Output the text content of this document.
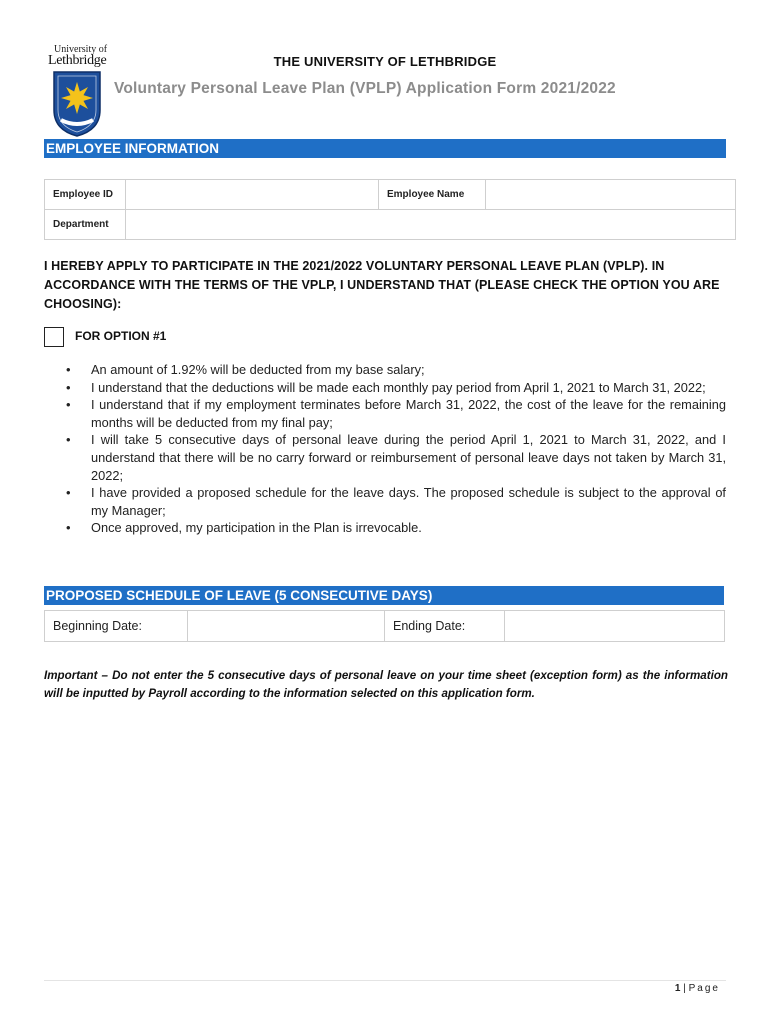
University of
Lethbridge	THE UNIVERSITY OF LETHBRIDGE
Voluntary Personal Leave Plan (VPLP) Application Form 2021/2022
EMPLOYEE INFORMATION
Employee ID		Employee Name	
Department			
I HEREBY APPLY TO PARTICIPATE IN THE 2021/2022 VOLUNTARY PERSONAL LEAVE PLAN (VPLP). IN ACCORDANCE WITH THE TERMS OF THE VPLP, I UNDERSTAND THAT (PLEASE CHECK THE OPTION YOU ARE CHOOSING):
FOR OPTION #1
• An amount of 1.92% will be deducted from my base salary;
• I understand that the deductions will be made each monthly pay period from April 1, 2021 to March 31, 2022;
• I understand that if my employment terminates before March 31, 2022, the cost of the leave for the remaining months will be deducted from my final pay;
• I will take 5 consecutive days of personal leave during the period April 1, 2021 to March 31, 2022, and I understand that there will be no carry forward or reimbursement of personal leave days not taken by March 31, 2022;
• I have provided a proposed schedule for the leave days. The proposed schedule is subject to the approval of my Manager;
• Once approved, my participation in the Plan is irrevocable.
PROPOSED SCHEDULE OF LEAVE (5 CONSECUTIVE DAYS)
Beginning Date:		Ending Date:	
Important – Do not enter the 5 consecutive days of personal leave on your time sheet (exception form) as the information will be inputted by Payroll according to the information selected on this application form.
1 | Page
